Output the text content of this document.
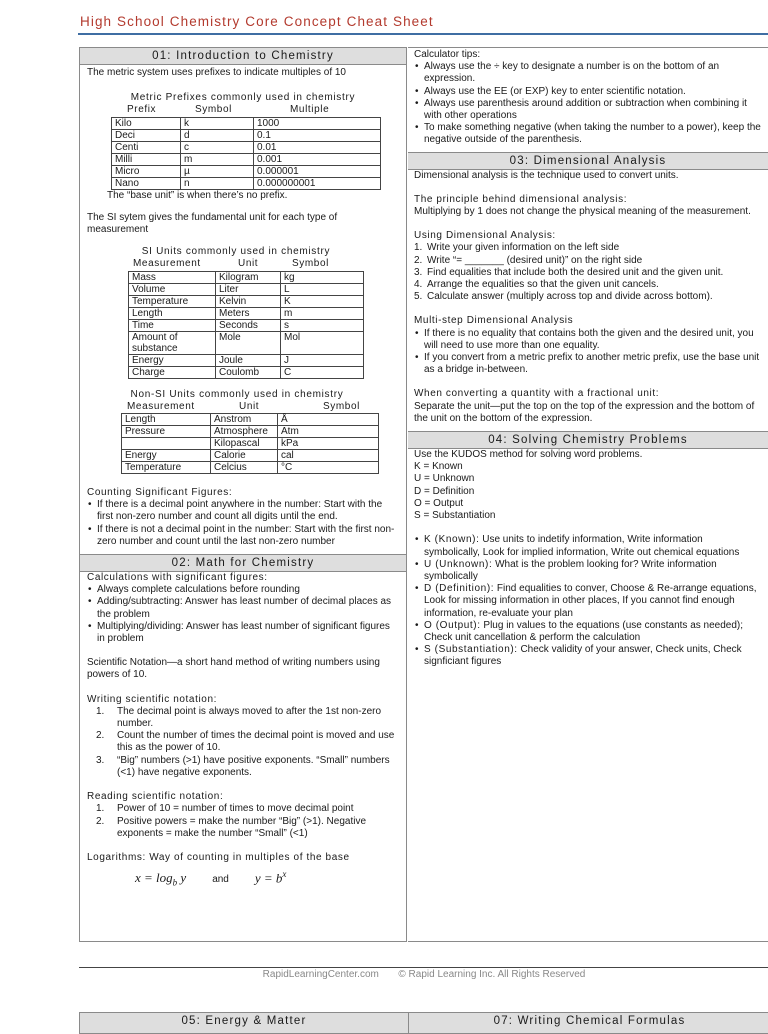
High School Chemistry Core Concept Cheat Sheet
01: Introduction to Chemistry

The metric system uses prefixes to indicate multiples of 10

Metric Prefixes commonly used in chemistry
Prefix	Symbol	Multiple
Kilo	k	1000
Deci	d	0.1
Centi	c	0.01
Milli	m	0.001
Micro	µ	0.000001
Nano	n	0.000000001
The “base unit” is when there’s no prefix.

The SI sytem gives the fundamental unit for each type of measurement

SI Units commonly used in chemistry
Measurement	Unit	Symbol
Mass	Kilogram	kg
Volume	Liter	L
Temperature	Kelvin	K
Length	Meters	m
Time	Seconds	s
Amount of substance	Mole	Mol
Energy	Joule	J
Charge	Coulomb	C
Non-SI Units commonly used in chemistry
Measurement	Unit	Symbol
Length	Anstrom	Å
Pressure	Atmosphere	Atm
	Kilopascal	kPa
Energy	Calorie	cal
Temperature	Celcius	°C
Counting Significant Figures:
• If there is a decimal point anywhere in the number: Start with the first non-zero number and count all digits until the end.
• If there is not a decimal point in the number: Start with the first non-zero number and count until the last non-zero number
02: Math for Chemistry
Calculations with significant figures:
• Always complete calculations before rounding
• Adding/subtracting: Answer has least number of decimal places as the problem
• Multiplying/dividing: Answer has least number of significant figures in problem

Scientific Notation—a short hand method of writing numbers using powers of 10.

Writing scientific notation:
1. The decimal point is always moved to after the 1st non-zero number.
2. Count the number of times the decimal point is moved and use this as the power of 10.
3. “Big” numbers (>1) have positive exponents. “Small” numbers (<1) have negative exponents.
Reading scientific notation:
1. Power of 10 = number of times to move decimal point
2. Positive powers = make the number “Big” (>1). Negative exponents = make the number “Small” (<1)
Logarithms: Way of counting in multiples of the base
$x = \log_b y$	and $y = b^x$
Calculator tips:
• Always use the ÷ key to designate a number is on the bottom of an expression.
• Always use the EE (or EXP) key to enter scientific notation.
• Always use parenthesis around addition or subtraction when combining it with other operations
• To make something negative (when taking the number to a power), keep the negative outside of the parenthesis.
03: Dimensional Analysis

Dimensional analysis is the technique used to convert units.

The principle behind dimensional analysis:

Multiplying by 1 does not change the physical meaning of the measurement.

Using Dimensional Analysis:
1. Write your given information on the left side
2. Write “= _______ (desired unit)” on the right side
3. Find equalities that include both the desired unit and the given unit.
4. Arrange the equalities so that the given unit cancels.
5. Calculate answer (multiply across top and divide across bottom).
Multi-step Dimensional Analysis
• If there is no equality that contains both the given and the desired unit, you will need to use more than one equality.
• If you convert from a metric prefix to another metric prefix, use the base unit as a bridge in-between.
When converting a quantity with a fractional unit:

Separate the unit—put the top on the top of the expression and the bottom of the unit on the bottom of the expression.

04: Solving Chemistry Problems
Use the KUDOS method for solving word problems.
K = Known
U = Unknown
D = Definition
O = Output
S = Substantiation
• K (Known): Use units to indetify information, Write information symbolically, Look for implied information, Write out chemical equations
• U (Unknown): What is the problem looking for? Write information symbolically
• D (Definition): Find equalities to conver, Choose & Re-arrange equations, Look for missing information in other places, If you cannot find enough information, re-evaluate your plan
• O (Output): Plug in values to the equations (use constants as needed); Check unit cancellation & perform the calculation
• S (Substantiation): Check validity of your answer, Check units, Check signficiant figures
RapidLearningCenter.com © Rapid Learning Inc. All Rights Reserved
05: Energy & Matter	07: Writing Chemical Formulas
